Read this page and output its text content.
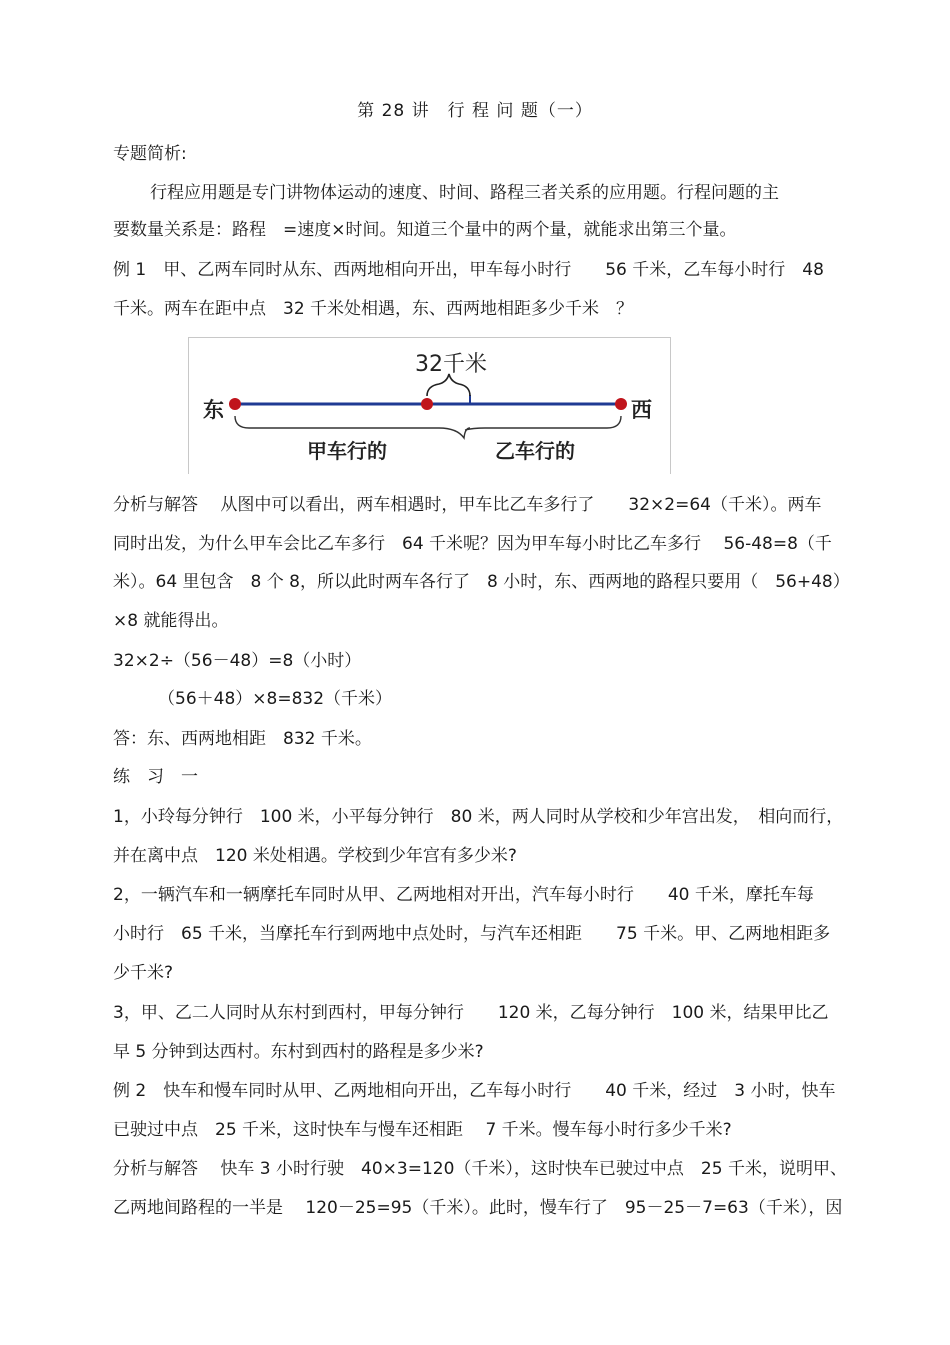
第 28 讲　行 程 问 题（一）
专题简析:
行程应用题是专门讲物体运动的速度、时间、路程三者关系的应用题。行程问题的主
要数量关系是：路程　=速度×时间。知道三个量中的两个量，就能求出第三个量。
例 1　甲、乙两车同时从东、西两地相向开出，甲车每小时行　　56 千米，乙车每小时行　48
千米。两车在距中点　32 千米处相遇，东、西两地相距多少千米　？
32千米
东	西
甲车行的	乙车行的
分析与解答　 从图中可以看出，两车相遇时，甲车比乙车多行了　　32×2=64（千米）。两车
同时出发，为什么甲车会比乙车多行　64 千米呢？因为甲车每小时比乙车多行　 56-48=8（千
米）。64 里包含　8 个 8，所以此时两车各行了　8 小时，东、西两地的路程只要用（　56+48）
×8 就能得出。
32×2÷（56－48）=8（小时）
（56＋48）×8=832（千米）
答：东、西两地相距　832 千米。
练　习　一
1，小玲每分钟行　100 米，小平每分钟行　80 米，两人同时从学校和少年宫出发，　相向而行，
并在离中点　120 米处相遇。学校到少年宫有多少米?
2，一辆汽车和一辆摩托车同时从甲、乙两地相对开出，汽车每小时行　　40 千米，摩托车每
小时行　65 千米，当摩托车行到两地中点处时，与汽车还相距　　75 千米。甲、乙两地相距多
少千米?
3，甲、乙二人同时从东村到西村，甲每分钟行　　120 米，乙每分钟行　100 米，结果甲比乙
早 5 分钟到达西村。东村到西村的路程是多少米?
例 2　快车和慢车同时从甲、乙两地相向开出，乙车每小时行　　40 千米，经过　3 小时，快车
已驶过中点　25 千米，这时快车与慢车还相距　 7 千米。慢车每小时行多少千米?
分析与解答　 快车 3 小时行驶　40×3=120（千米），这时快车已驶过中点　25 千米，说明甲、
乙两地间路程的一半是　 120－25=95（千米）。此时，慢车行了　95－25－7=63（千米），因
